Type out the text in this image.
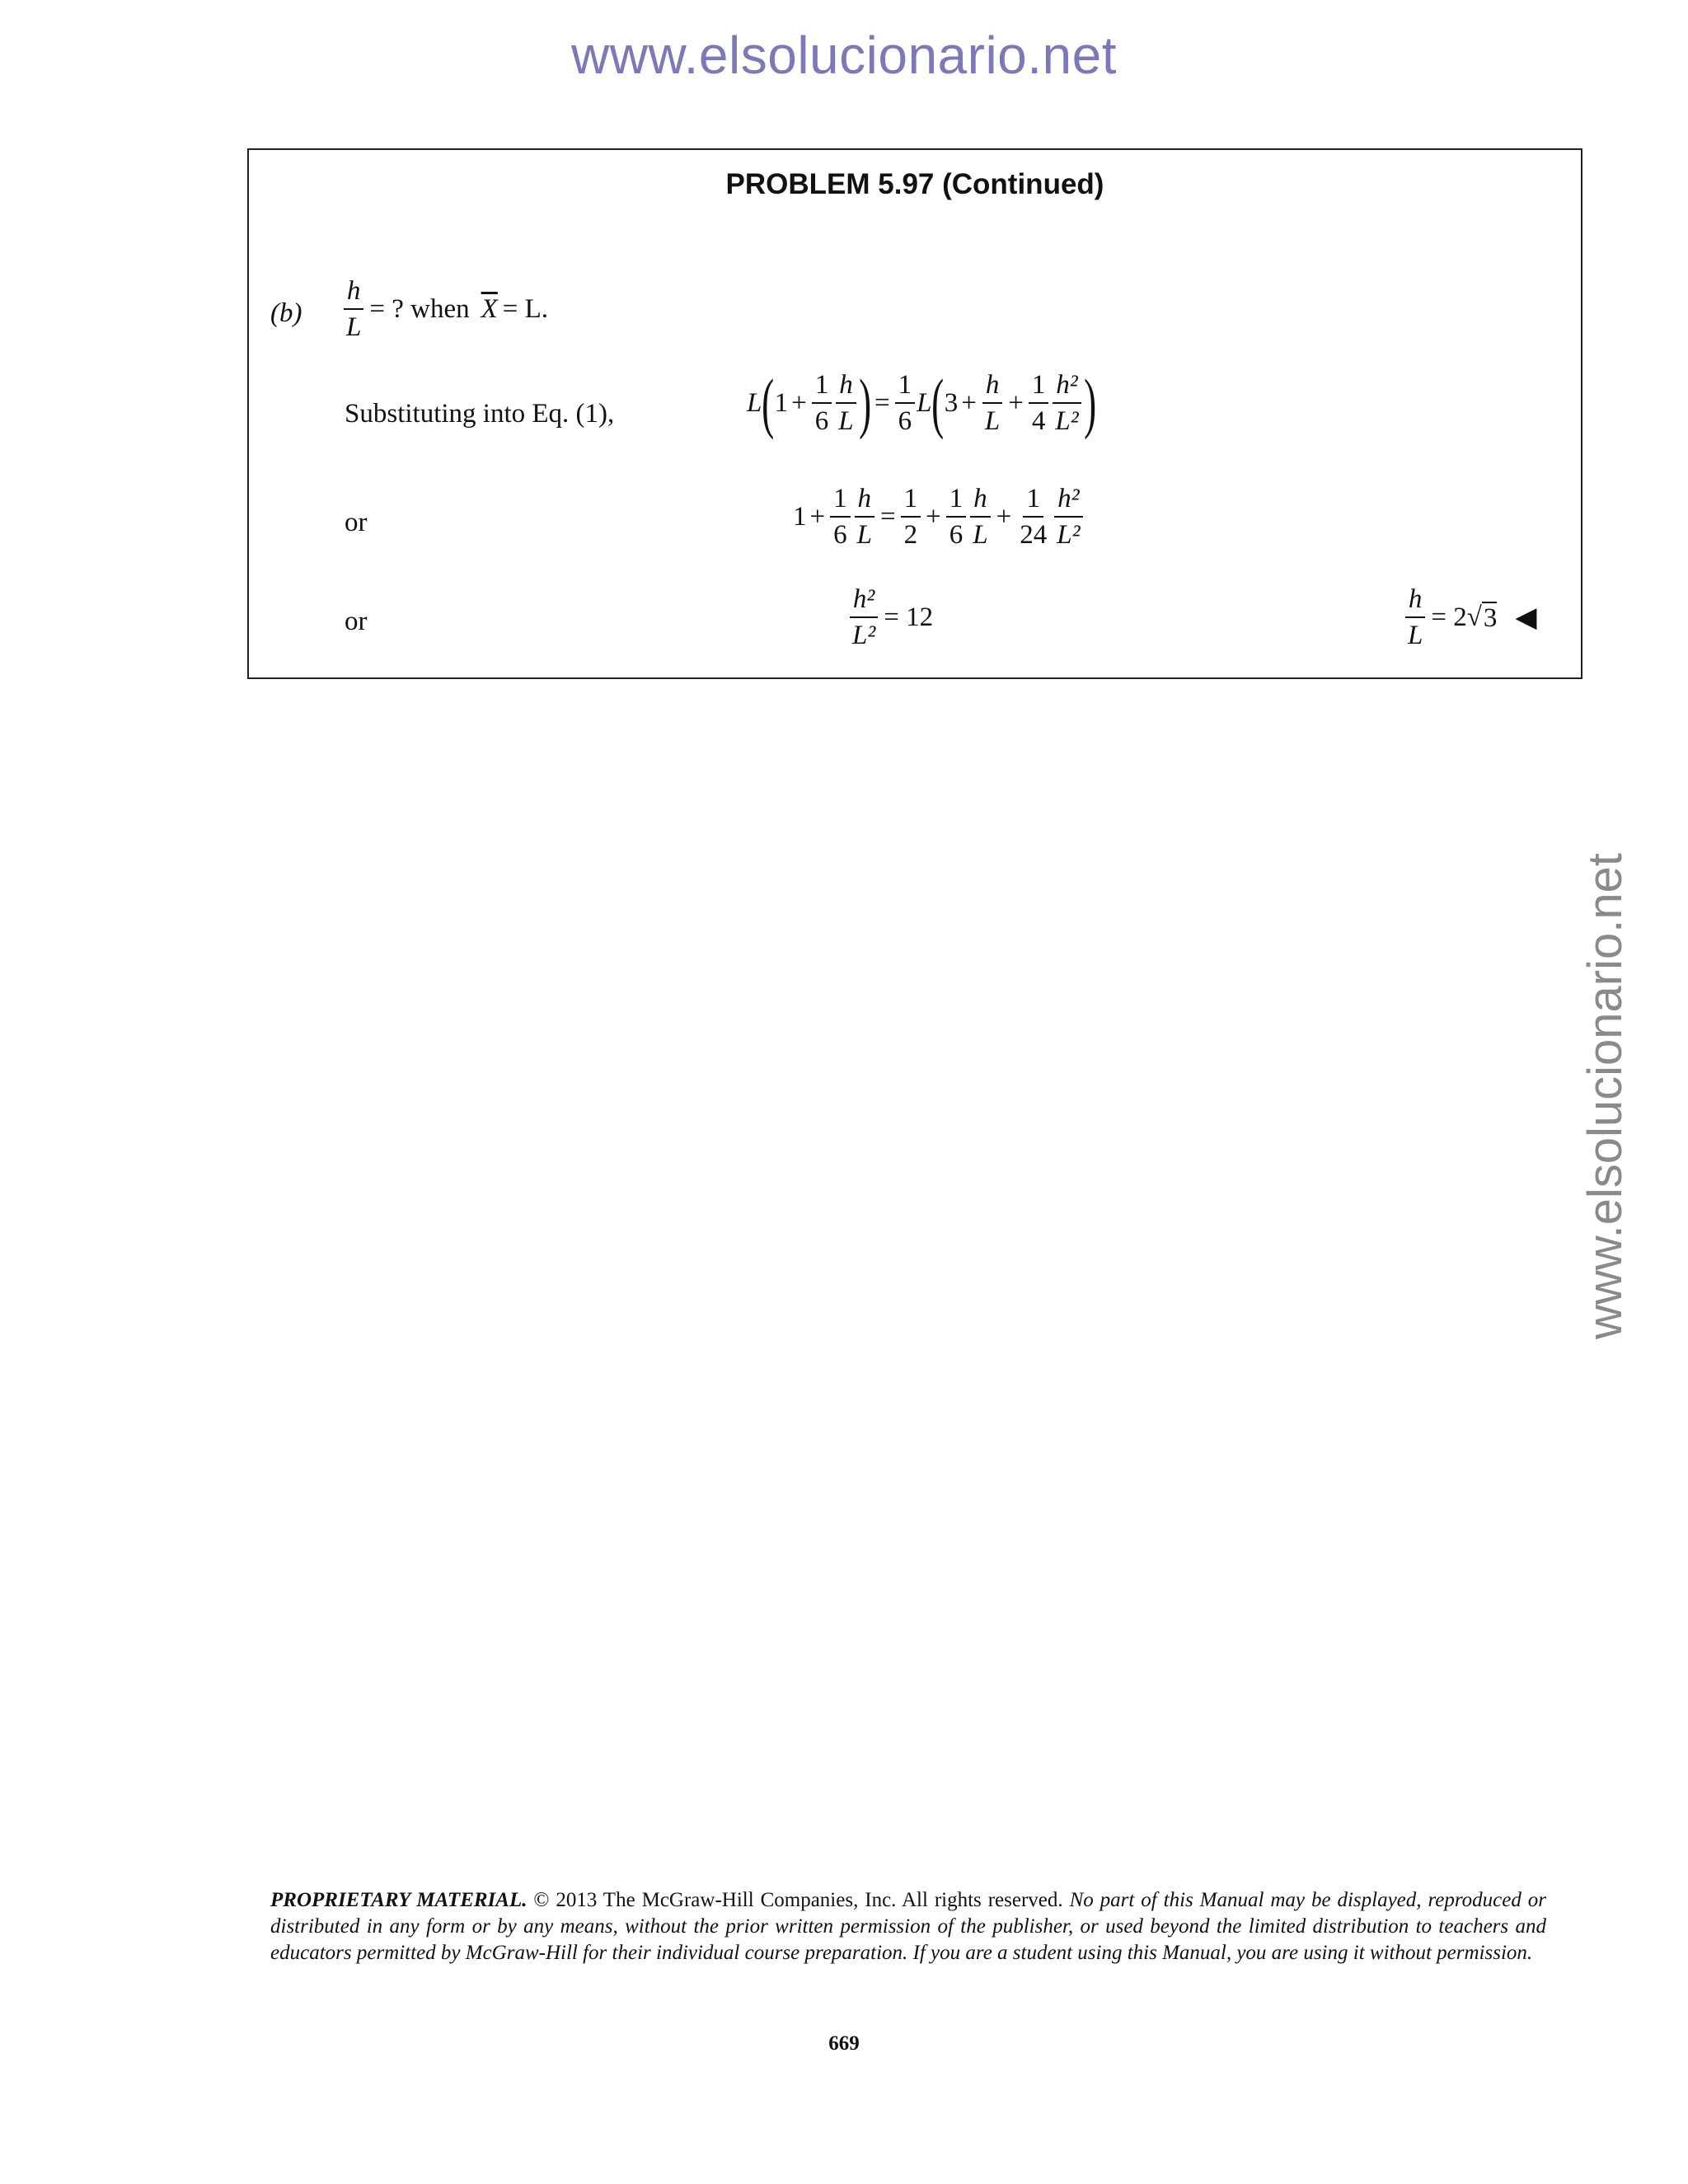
www.elsolucionario.net
www.elsolucionario.net
PROBLEM 5.97 (Continued)
$(b) \frac{h}{L}$ = ? when $\overline{X} = L$.
Substituting into Eq. (1),	L ( $1 + \frac{1}{6} \frac{h}{L}$ ) = $\frac{1}{6}$ L ( $3 + \frac{h}{L} + \frac{1}{4} \frac{\text{h²}}{\text{L²}}$ )
or	$1 + \frac{1}{6} \frac{h}{L} = \frac{1}{2} + \frac{1}{6} \frac{h}{L} + \frac{1}{24} \frac{\text{h²}}{\text{L²}}$
or	$\frac{\text{h²}}{\text{L²}} = 12$	$\frac{h}{L} = 2$ √ 3 ◀
PROPRIETARY MATERIAL. © 2013 The McGraw-Hill Companies, Inc. All rights reserved. No part of this Manual may be displayed, reproduced or distributed in any form or by any means, without the prior written permission of the publisher, or used beyond the limited distribution to teachers and educators permitted by McGraw-Hill for their individual course preparation. If you are a student using this Manual, you are using it without permission.
669
